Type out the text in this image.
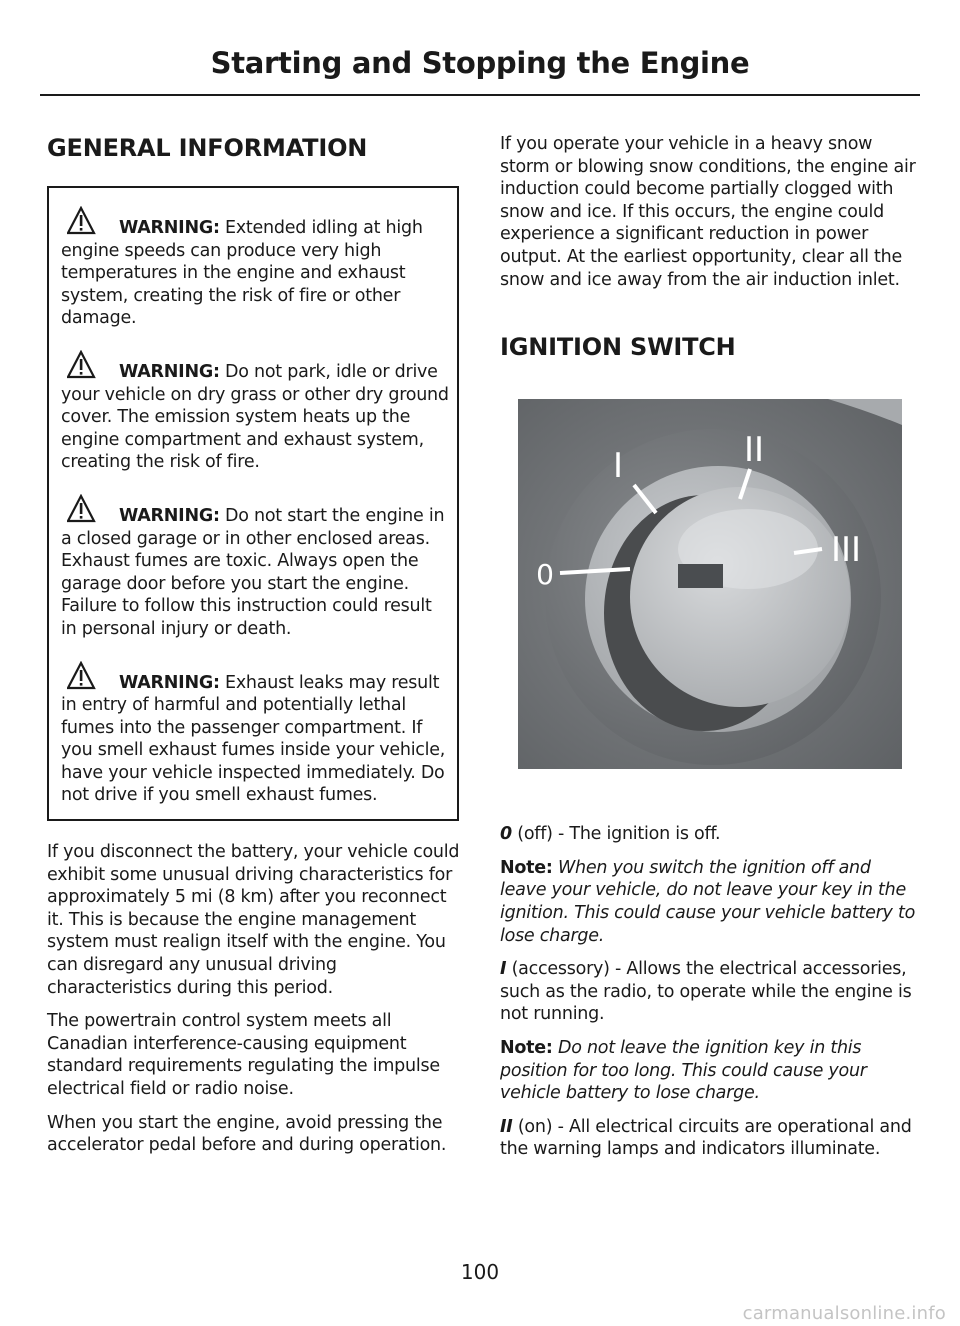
Starting and Stopping the Engine
GENERAL INFORMATION

WARNING: Extended idling at high engine speeds can produce very high temperatures in the engine and exhaust system, creating the risk of fire or other damage.

WARNING: Do not park, idle or drive your vehicle on dry grass or other dry ground cover. The emission system heats up the engine compartment and exhaust system, creating the risk of fire.

WARNING: Do not start the engine in a closed garage or in other enclosed areas. Exhaust fumes are toxic. Always open the garage door before you start the engine. Failure to follow this instruction could result in personal injury or death.

WARNING: Exhaust leaks may result in entry of harmful and potentially lethal fumes into the passenger compartment. If you smell exhaust fumes inside your vehicle, have your vehicle inspected immediately. Do not drive if you smell exhaust fumes.

If you disconnect the battery, your vehicle could exhibit some unusual driving characteristics for approximately 5 mi (8 km) after you reconnect it. This is because the engine management system must realign itself with the engine. You can disregard any unusual driving characteristics during this period.

The powertrain control system meets all Canadian interference-causing equipment standard requirements regulating the impulse electrical field or radio noise.

When you start the engine, avoid pressing the accelerator pedal before and during operation.

If you operate your vehicle in a heavy snow storm or blowing snow conditions, the engine air induction could become partially clogged with snow and ice. If this occurs, the engine could experience a significant reduction in power output. At the earliest opportunity, clear all the snow and ice away from the air induction inlet.

IGNITION SWITCH
0
I	II
III

0 (off) - The ignition is off.

Note: When you switch the ignition off and leave your vehicle, do not leave your key in the ignition. This could cause your vehicle battery to lose charge.

I (accessory) - Allows the electrical accessories, such as the radio, to operate while the engine is not running.

Note: Do not leave the ignition key in this position for too long. This could cause your vehicle battery to lose charge.

II (on) - All electrical circuits are operational and the warning lamps and indicators illuminate.

100
carmanualsonline.info
